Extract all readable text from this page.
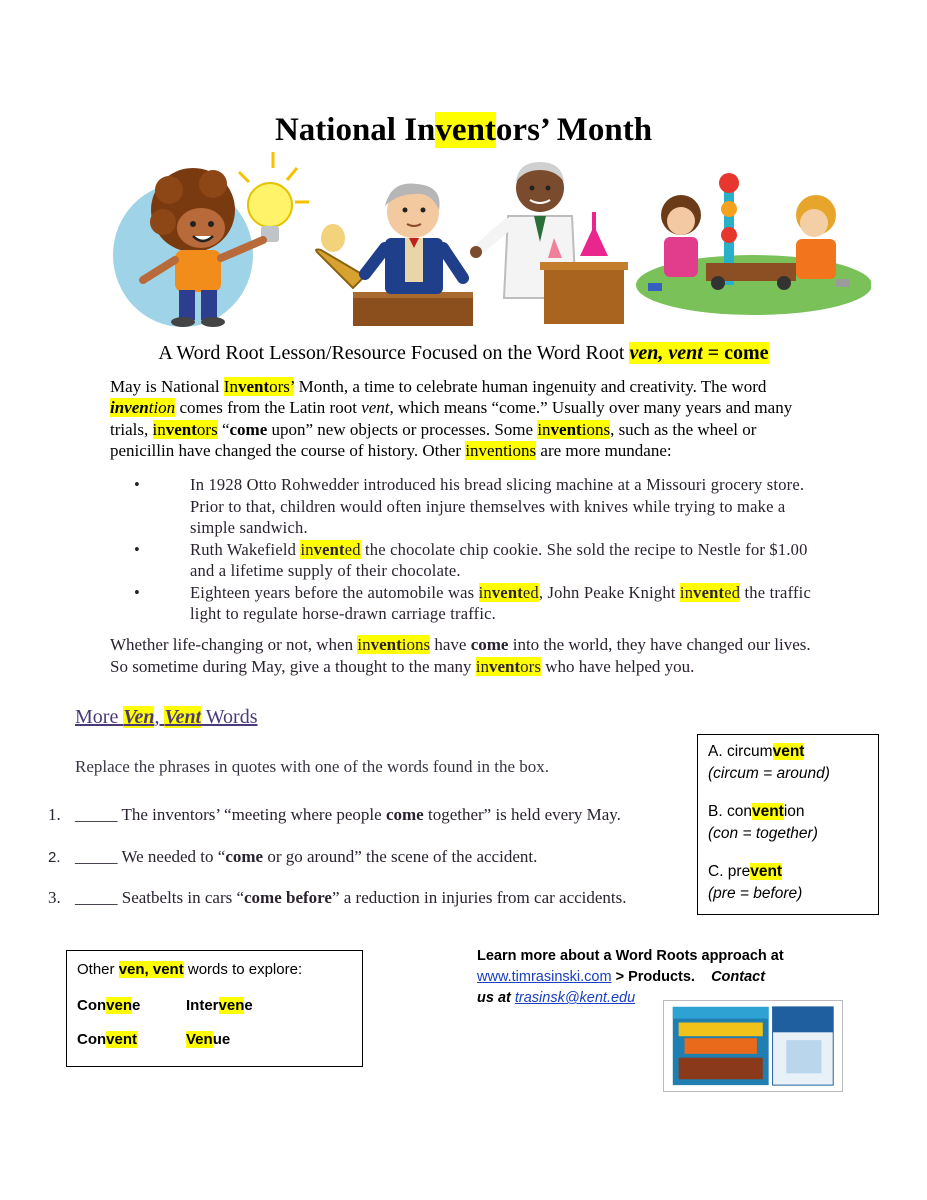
National Inventors’ Month
A Word Root Lesson/Resource Focused on the Word Root ven, vent = come
May is National Inventors’ Month, a time to celebrate human ingenuity and creativity. The word invention comes from the Latin root vent, which means “come.” Usually over many years and many trials, inventors “come upon” new objects or processes. Some inventions, such as the wheel or penicillin have changed the course of history. Other inventions are more mundane:
•	In 1928 Otto Rohwedder introduced his bread slicing machine at a Missouri grocery store. Prior to that, children would often injure themselves with knives while trying to make a simple sandwich.
•	Ruth Wakefield invented the chocolate chip cookie. She sold the recipe to Nestle for $1.00 and a lifetime supply of their chocolate.
•	Eighteen years before the automobile was invented, John Peake Knight invented the traffic light to regulate horse-drawn carriage traffic.
Whether life-changing or not, when inventions have come into the world, they have changed our lives. So sometime during May, give a thought to the many inventors who have helped you.
More Ven, Vent Words
Replace the phrases in quotes with one of the words found in the box.
1. _____ The inventors’ “meeting where people come together” is held every May.
2. _____ We needed to “come or go around” the scene of the accident.
3. _____ Seatbelts in cars “come before” a reduction in injuries from car accidents.
A. circumvent
(circum = around)
B. convention
(con = together)
C. prevent
(pre = before)
Other ven, vent words to explore:
Convene	Intervene
Convent	Venue
Learn more about a Word Roots approach at
www.timrasinski.com > Products. Contact
us at trasinsk@kent.edu
